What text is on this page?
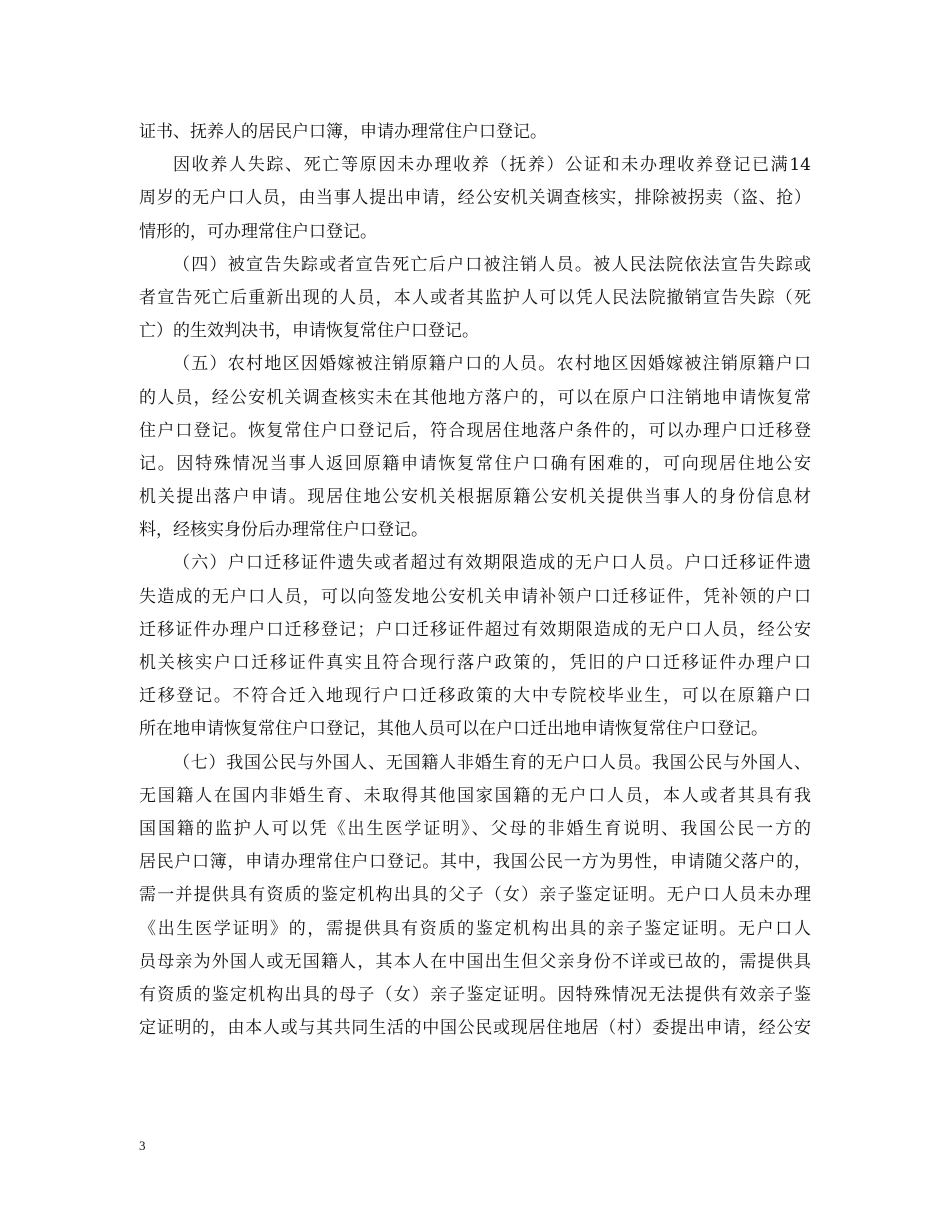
证书、抚养人的居民户口簿，申请办理常住户口登记。
因收养人失踪、死亡等原因未办理收养（抚养）公证和未办理收养登记已满14
周岁的无户口人员，由当事人提出申请，经公安机关调查核实，排除被拐卖（盗、抢）
情形的，可办理常住户口登记。
（四）被宣告失踪或者宣告死亡后户口被注销人员。被人民法院依法宣告失踪或
者宣告死亡后重新出现的人员，本人或者其监护人可以凭人民法院撤销宣告失踪（死
亡）的生效判决书，申请恢复常住户口登记。
（五）农村地区因婚嫁被注销原籍户口的人员。农村地区因婚嫁被注销原籍户口
的人员，经公安机关调查核实未在其他地方落户的，可以在原户口注销地申请恢复常
住户口登记。恢复常住户口登记后，符合现居住地落户条件的，可以办理户口迁移登
记。因特殊情况当事人返回原籍申请恢复常住户口确有困难的，可向现居住地公安
机关提出落户申请。现居住地公安机关根据原籍公安机关提供当事人的身份信息材
料，经核实身份后办理常住户口登记。
（六）户口迁移证件遗失或者超过有效期限造成的无户口人员。户口迁移证件遗
失造成的无户口人员，可以向签发地公安机关申请补领户口迁移证件，凭补领的户口
迁移证件办理户口迁移登记；户口迁移证件超过有效期限造成的无户口人员，经公安
机关核实户口迁移证件真实且符合现行落户政策的，凭旧的户口迁移证件办理户口
迁移登记。不符合迁入地现行户口迁移政策的大中专院校毕业生，可以在原籍户口
所在地申请恢复常住户口登记，其他人员可以在户口迁出地申请恢复常住户口登记。
（七）我国公民与外国人、无国籍人非婚生育的无户口人员。我国公民与外国人、
无国籍人在国内非婚生育、未取得其他国家国籍的无户口人员，本人或者其具有我
国国籍的监护人可以凭《出生医学证明》、父母的非婚生育说明、我国公民一方的
居民户口簿，申请办理常住户口登记。其中，我国公民一方为男性，申请随父落户的，
需一并提供具有资质的鉴定机构出具的父子（女）亲子鉴定证明。无户口人员未办理
《出生医学证明》的，需提供具有资质的鉴定机构出具的亲子鉴定证明。无户口人
员母亲为外国人或无国籍人，其本人在中国出生但父亲身份不详或已故的，需提供具
有资质的鉴定机构出具的母子（女）亲子鉴定证明。因特殊情况无法提供有效亲子鉴
定证明的，由本人或与其共同生活的中国公民或现居住地居（村）委提出申请，经公安
3
